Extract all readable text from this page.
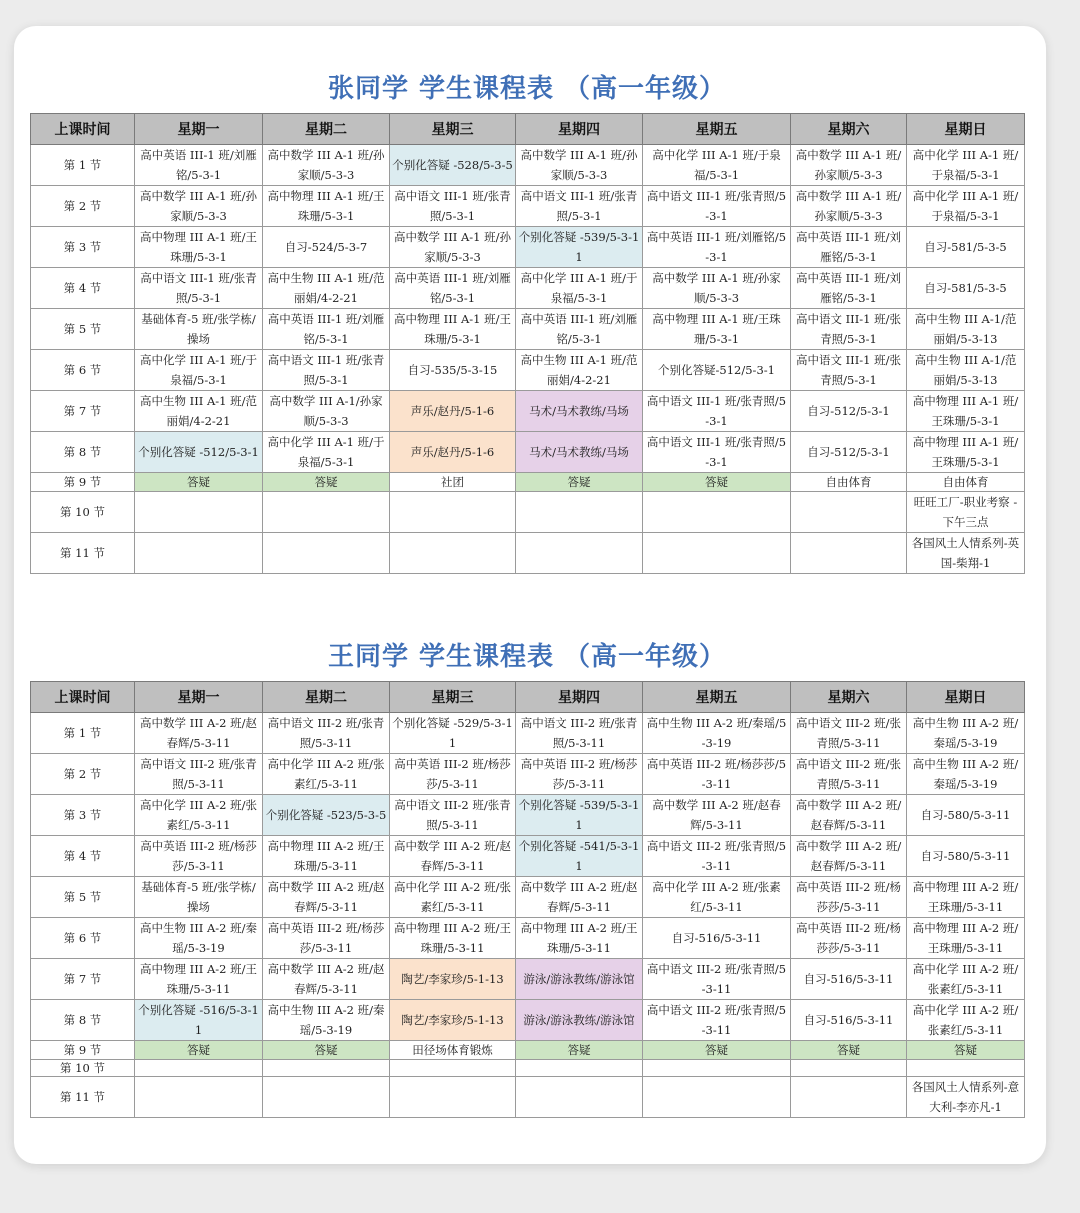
张同学 学生课程表 （高一年级）
上课时间	星期一	星期二	星期三	星期四	星期五	星期六	星期日
第 1 节	高中英语 III-1 班/刘雁铭/5-3-1	高中数学 III A-1 班/孙家顺/5-3-3	个别化答疑 -528/5-3-5	高中数学 III A-1 班/孙家顺/5-3-3	高中化学 III A-1 班/于泉福/5-3-1	高中数学 III A-1 班/孙家顺/5-3-3	高中化学 III A-1 班/于泉福/5-3-1
第 2 节	高中数学 III A-1 班/孙家顺/5-3-3	高中物理 III A-1 班/王珠珊/5-3-1	高中语文 III-1 班/张青照/5-3-1	高中语文 III-1 班/张青照/5-3-1	高中语文 III-1 班/张青照/5-3-1	高中数学 III A-1 班/孙家顺/5-3-3	高中化学 III A-1 班/于泉福/5-3-1
第 3 节	高中物理 III A-1 班/王珠珊/5-3-1	自习-524/5-3-7	高中数学 III A-1 班/孙家顺/5-3-3	个别化答疑 -539/5-3-11	高中英语 III-1 班/刘雁铭/5-3-1	高中英语 III-1 班/刘雁铭/5-3-1	自习-581/5-3-5
第 4 节	高中语文 III-1 班/张青照/5-3-1	高中生物 III A-1 班/范丽娟/4-2-21	高中英语 III-1 班/刘雁铭/5-3-1	高中化学 III A-1 班/于泉福/5-3-1	高中数学 III A-1 班/孙家顺/5-3-3	高中英语 III-1 班/刘雁铭/5-3-1	自习-581/5-3-5
第 5 节	基础体育-5 班/张学栋/操场	高中英语 III-1 班/刘雁铭/5-3-1	高中物理 III A-1 班/王珠珊/5-3-1	高中英语 III-1 班/刘雁铭/5-3-1	高中物理 III A-1 班/王珠珊/5-3-1	高中语文 III-1 班/张青照/5-3-1	高中生物 III A-1/范丽娟/5-3-13
第 6 节	高中化学 III A-1 班/于泉福/5-3-1	高中语文 III-1 班/张青照/5-3-1	自习-535/5-3-15	高中生物 III A-1 班/范丽娟/4-2-21	个别化答疑-512/5-3-1	高中语文 III-1 班/张青照/5-3-1	高中生物 III A-1/范丽娟/5-3-13
第 7 节	高中生物 III A-1 班/范丽娟/4-2-21	高中数学 III A-1/孙家顺/5-3-3	声乐/赵丹/5-1-6	马术/马术教练/马场	高中语文 III-1 班/张青照/5-3-1	自习-512/5-3-1	高中物理 III A-1 班/王珠珊/5-3-1
第 8 节	个别化答疑 -512/5-3-1	高中化学 III A-1 班/于泉福/5-3-1	声乐/赵丹/5-1-6	马术/马术教练/马场	高中语文 III-1 班/张青照/5-3-1	自习-512/5-3-1	高中物理 III A-1 班/王珠珊/5-3-1
第 9 节	答疑	答疑	社团	答疑	答疑	自由体育	自由体育
第 10 节							旺旺工厂-职业考察 -下午三点
第 11 节							各国风土人情系列-英国-柴翔-1
王同学 学生课程表 （高一年级）
上课时间	星期一	星期二	星期三	星期四	星期五	星期六	星期日
第 1 节	高中数学 III A-2 班/赵春辉/5-3-11	高中语文 III-2 班/张青照/5-3-11	个别化答疑 -529/5-3-11	高中语文 III-2 班/张青照/5-3-11	高中生物 III A-2 班/秦瑶/5-3-19	高中语文 III-2 班/张青照/5-3-11	高中生物 III A-2 班/秦瑶/5-3-19
第 2 节	高中语文 III-2 班/张青照/5-3-11	高中化学 III A-2 班/张素红/5-3-11	高中英语 III-2 班/杨莎莎/5-3-11	高中英语 III-2 班/杨莎莎/5-3-11	高中英语 III-2 班/杨莎莎/5-3-11	高中语文 III-2 班/张青照/5-3-11	高中生物 III A-2 班/秦瑶/5-3-19
第 3 节	高中化学 III A-2 班/张素红/5-3-11	个别化答疑 -523/5-3-5	高中语文 III-2 班/张青照/5-3-11	个别化答疑 -539/5-3-11	高中数学 III A-2 班/赵春辉/5-3-11	高中数学 III A-2 班/赵春辉/5-3-11	自习-580/5-3-11
第 4 节	高中英语 III-2 班/杨莎莎/5-3-11	高中物理 III A-2 班/王珠珊/5-3-11	高中数学 III A-2 班/赵春辉/5-3-11	个别化答疑 -541/5-3-11	高中语文 III-2 班/张青照/5-3-11	高中数学 III A-2 班/赵春辉/5-3-11	自习-580/5-3-11
第 5 节	基础体育-5 班/张学栋/操场	高中数学 III A-2 班/赵春辉/5-3-11	高中化学 III A-2 班/张素红/5-3-11	高中数学 III A-2 班/赵春辉/5-3-11	高中化学 III A-2 班/张素红/5-3-11	高中英语 III-2 班/杨莎莎/5-3-11	高中物理 III A-2 班/王珠珊/5-3-11
第 6 节	高中生物 III A-2 班/秦瑶/5-3-19	高中英语 III-2 班/杨莎莎/5-3-11	高中物理 III A-2 班/王珠珊/5-3-11	高中物理 III A-2 班/王珠珊/5-3-11	自习-516/5-3-11	高中英语 III-2 班/杨莎莎/5-3-11	高中物理 III A-2 班/王珠珊/5-3-11
第 7 节	高中物理 III A-2 班/王珠珊/5-3-11	高中数学 III A-2 班/赵春辉/5-3-11	陶艺/李家珍/5-1-13	游泳/游泳教练/游泳馆	高中语文 III-2 班/张青照/5-3-11	自习-516/5-3-11	高中化学 III A-2 班/张素红/5-3-11
第 8 节	个别化答疑 -516/5-3-11	高中生物 III A-2 班/秦瑶/5-3-19	陶艺/李家珍/5-1-13	游泳/游泳教练/游泳馆	高中语文 III-2 班/张青照/5-3-11	自习-516/5-3-11	高中化学 III A-2 班/张素红/5-3-11
第 9 节	答疑	答疑	田径场体育锻炼	答疑	答疑	答疑	答疑
第 10 节							
第 11 节							各国风土人情系列-意大利-李亦凡-1
